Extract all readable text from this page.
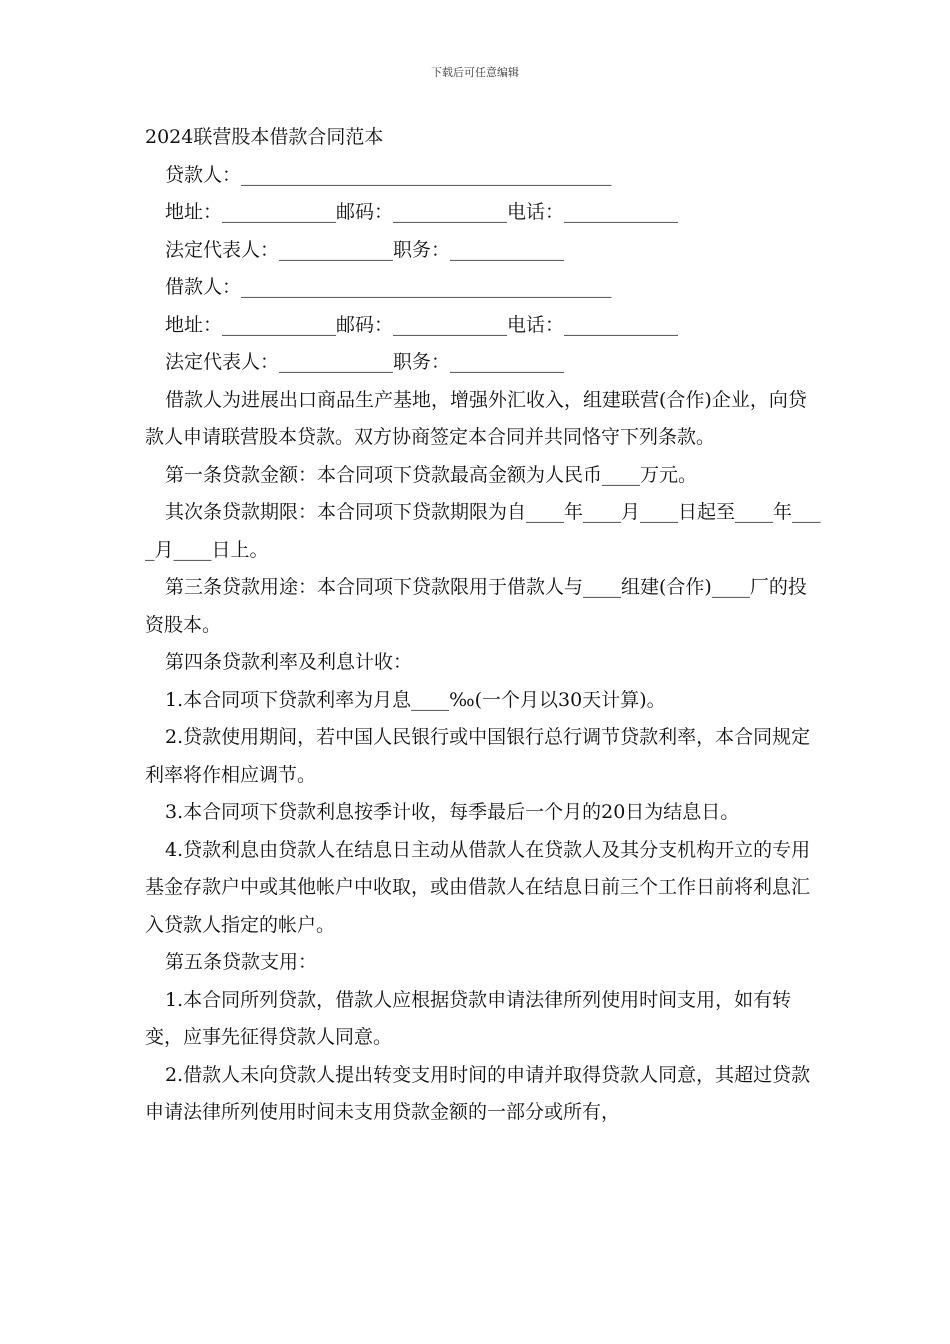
下载后可任意编辑

2024联营股本借款合同范本

贷款人：_______________________________________

地址：____________邮码：____________电话：____________

法定代表人：____________职务：____________

借款人：_______________________________________

地址：____________邮码：____________电话：____________

法定代表人：____________职务：____________

借款人为进展出口商品生产基地，增强外汇收入，组建联营(合作)企业，向贷款人申请联营股本贷款。双方协商签定本合同并共同恪守下列条款。

第一条贷款金额：本合同项下贷款最高金额为人民币____万元。

其次条贷款期限：本合同项下贷款期限为自____年____月____日起至____年____月____日上。

第三条贷款用途：本合同项下贷款限用于借款人与____组建(合作)____厂的投资股本。

第四条贷款利率及利息计收：

1.本合同项下贷款利率为月息____‰(一个月以30天计算)。

2.贷款使用期间，若中国人民银行或中国银行总行调节贷款利率，本合同规定利率将作相应调节。

3.本合同项下贷款利息按季计收，每季最后一个月的20日为结息日。

4.贷款利息由贷款人在结息日主动从借款人在贷款人及其分支机构开立的专用基金存款户中或其他帐户中收取，或由借款人在结息日前三个工作日前将利息汇入贷款人指定的帐户。

第五条贷款支用：

1.本合同所列贷款，借款人应根据贷款申请法律所列使用时间支用，如有转变，应事先征得贷款人同意。

2.借款人未向贷款人提出转变支用时间的申请并取得贷款人同意，其超过贷款申请法律所列使用时间未支用贷款金额的一部分或所有，
